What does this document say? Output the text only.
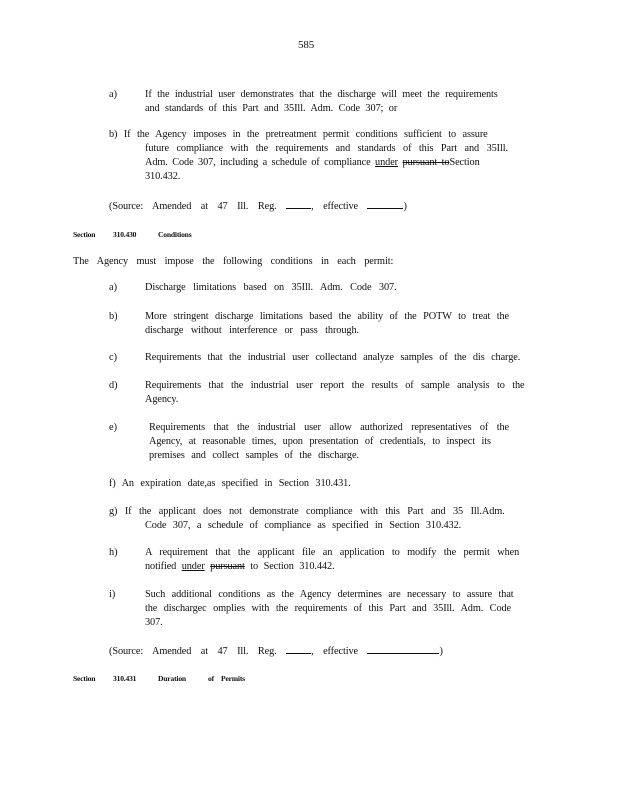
585
a)	If the industrial user demonstrates that the discharge will meet the requirements
and standards of this Part and 35Ill. Adm. Code 307; or
b) If the Agency imposes in the pretreatment permit conditions sufficient to assure
future compliance with the requirements and standards of this Part and 35Ill.
Adm. Code 307, including a schedule of compliance under pursuant toSection
310.432.
(Source: Amended at 47 Ill. Reg.	, effective	)
Section 310.430	Conditions
The Agency must impose the following conditions in each permit:
a)	Discharge limitations based on 35Ill. Adm. Code 307.
b)	More stringent discharge limitations based the ability of the POTW to treat the
discharge without interference or pass through.
c)	Requirements that the industrial user collectand analyze samples of the dis charge.
d)	Requirements that the industrial user report the results of sample analysis to the
Agency.
e)	Requirements that the industrial user allow authorized representatives of the
Agency, at reasonable times, upon presentation of credentials, to inspect its
premises and collect samples of the discharge.
f) An expiration date,as specified in Section 310.431.
g) If the applicant does not demonstrate compliance with this Part and 35 Ill.Adm.
Code 307, a schedule of compliance as specified in Section 310.432.
h)	A requirement that the applicant file an application to modify the permit when
notified under pursuant to Section 310.442.
i)	Such additional conditions as the Agency determines are necessary to assure that
the dischargec omplies with the requirements of this Part and 35Ill. Adm. Code
307.
(Source: Amended at 47 Ill. Reg.	, effective	)
Section 310.431	Duration	of Permits
